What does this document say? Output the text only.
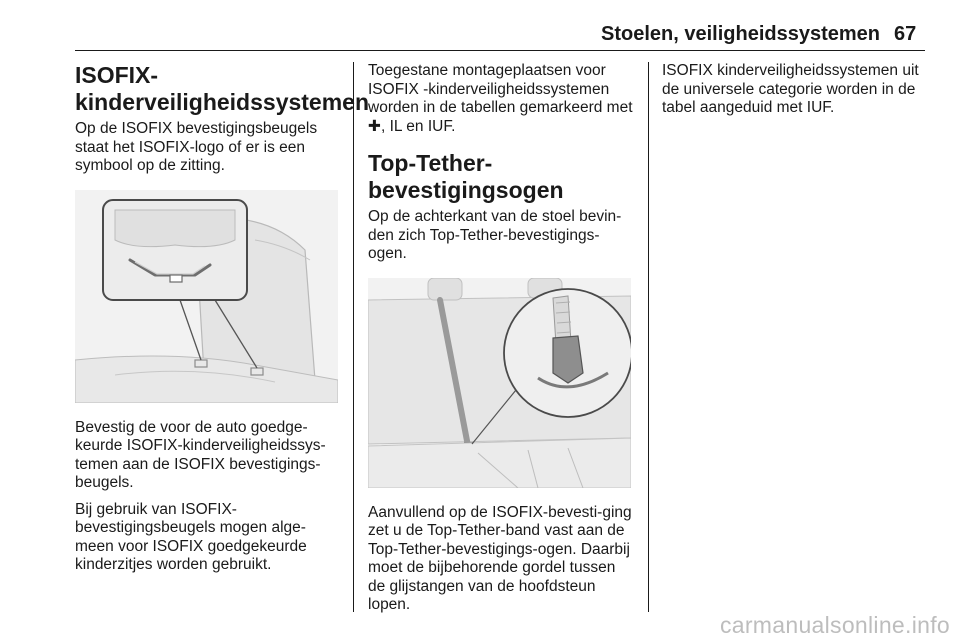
Stoelen, veiligheidssystemen 67
ISOFIX-
kinderveiligheidssystemen

Op de ISOFIX bevestigingsbeugels staat het ISOFIX-logo of er is een symbool op de zitting.

Bevestig de voor de auto goedge-keurde ISOFIX-kinderveiligheidssys-temen aan de ISOFIX bevestigings-beugels.

Bij gebruik van ISOFIX-bevestigingsbeugels mogen alge-meen voor ISOFIX goedgekeurde kinderzitjes worden gebruikt.

Toegestane montageplaatsen voor ISOFIX -kinderveiligheidssystemen worden in de tabellen gemarkeerd met ✚, IL en IUF.

Top-Tether-
bevestigingsogen

Op de achterkant van de stoel bevin-den zich Top-Tether-bevestigings-ogen.

Aanvullend op de ISOFIX-bevesti-ging zet u de Top-Tether-band vast aan de Top-Tether-bevestigings-ogen. Daarbij moet de bijbehorende gordel tussen de glijstangen van de hoofdsteun lopen.

ISOFIX kinderveiligheidssystemen uit de universele categorie worden in de tabel aangeduid met IUF.

carmanualsonline.info
